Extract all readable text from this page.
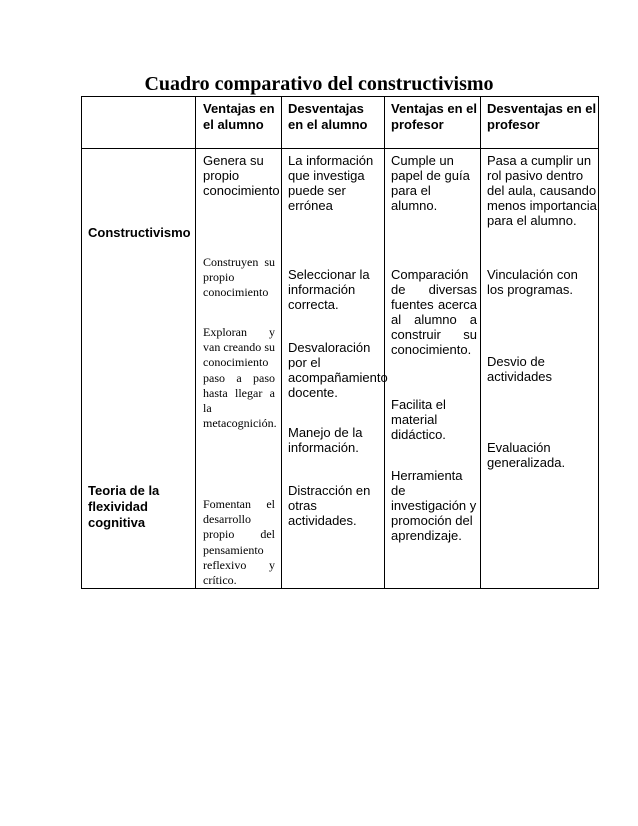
Cuadro comparativo del constructivismo
Ventajas en el alumno
Desventajas en el alumno
Ventajas en el profesor
Desventajas en el profesor
Constructivismo
Teoria de la flexividad cognitiva
Genera su propio conocimiento
La información que investiga puede ser errónea
Cumple un papel de guía para el alumno.
Pasa a cumplir un rol pasivo dentro del aula, causando menos importancia para el alumno.
Construyen su propio conocimiento
Exploran y van creando su conocimiento paso a paso hasta llegar a la metacognición.
Fomentan el desarrollo propio del pensamiento reflexivo y crítico.
Seleccionar la información correcta.
Desvaloración por el acompañamiento docente.
Manejo de la información.
Distracción en otras actividades.
Comparación de diversas fuentes acerca al alumno a construir su conocimiento.
Facilita el material didáctico.
Herramienta de investigación y promoción del aprendizaje.
Vinculación con los programas.
Desvio de actividades
Evaluación generalizada.
